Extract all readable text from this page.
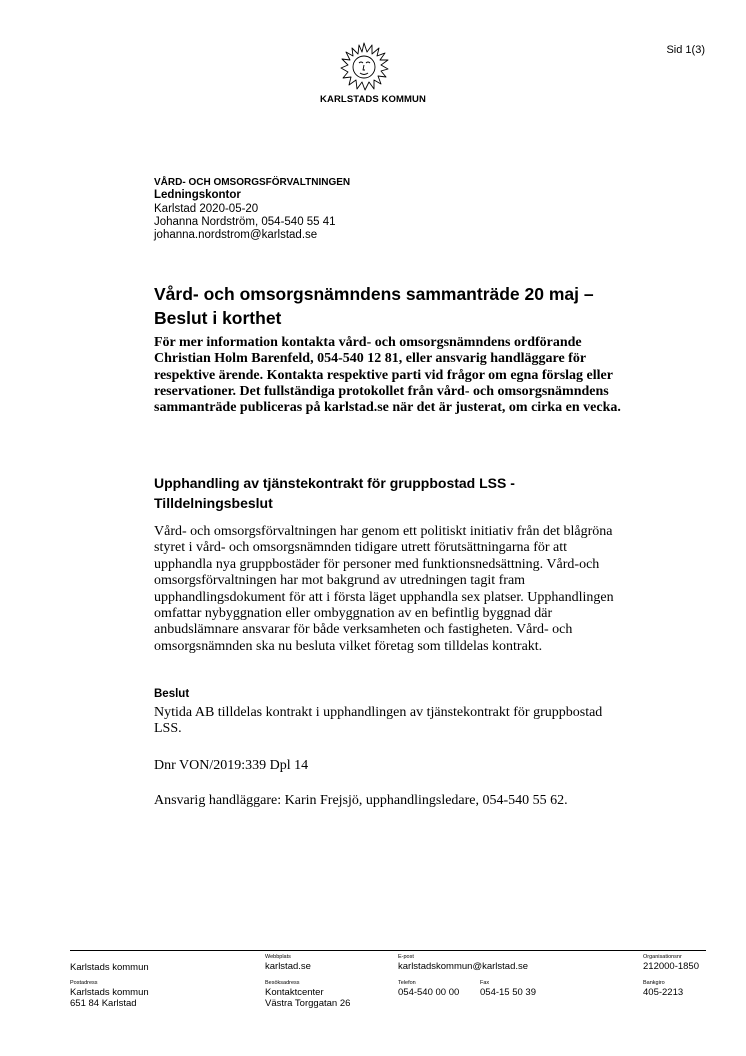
Sid 1(3)
KARLSTADS KOMMUN
VÅRD- OCH OMSORGSFÖRVALTNINGEN
Ledningskontor
Karlstad 2020-05-20
Johanna Nordström, 054-540 55 41
johanna.nordstrom@karlstad.se
Vård- och omsorgsnämndens sammanträde 20 maj – Beslut i korthet
För mer information kontakta vård- och omsorgsnämndens ordförande Christian Holm Barenfeld, 054-540 12 81, eller ansvarig handläggare för respektive ärende. Kontakta respektive parti vid frågor om egna förslag eller reservationer. Det fullständiga protokollet från vård- och omsorgsnämndens sammanträde publiceras på karlstad.se när det är justerat, om cirka en vecka.
Upphandling av tjänstekontrakt för gruppbostad LSS - Tilldelningsbeslut
Vård- och omsorgsförvaltningen har genom ett politiskt initiativ från det blågröna styret i vård- och omsorgsnämnden tidigare utrett förutsättningarna för att upphandla nya gruppbostäder för personer med funktionsnedsättning. Vård-och omsorgsförvaltningen har mot bakgrund av utredningen tagit fram upphandlingsdokument för att i första läget upphandla sex platser. Upphandlingen omfattar nybyggnation eller ombyggnation av en befintlig byggnad där anbudslämnare ansvarar för både verksamheten och fastigheten. Vård- och omsorgsnämnden ska nu besluta vilket företag som tilldelas kontrakt.
Beslut
Nytida AB tilldelas kontrakt i upphandlingen av tjänstekontrakt för gruppbostad LSS.
Dnr VON/2019:339 Dpl 14
Ansvarig handläggare: Karin Frejsjö, upphandlingsledare, 054-540 55 62.
Karlstads kommun
Webbplats
karlstad.se
E-post
karlstadskommun@karlstad.se
Organisationsnr
212000-1850
Postadress
Karlstads kommun
651 84 Karlstad
Besöksadress
Kontaktcenter
Västra Torggatan 26
Telefon
054-540 00 00
Fax
054-15 50 39
Bankgiro
405-2213
